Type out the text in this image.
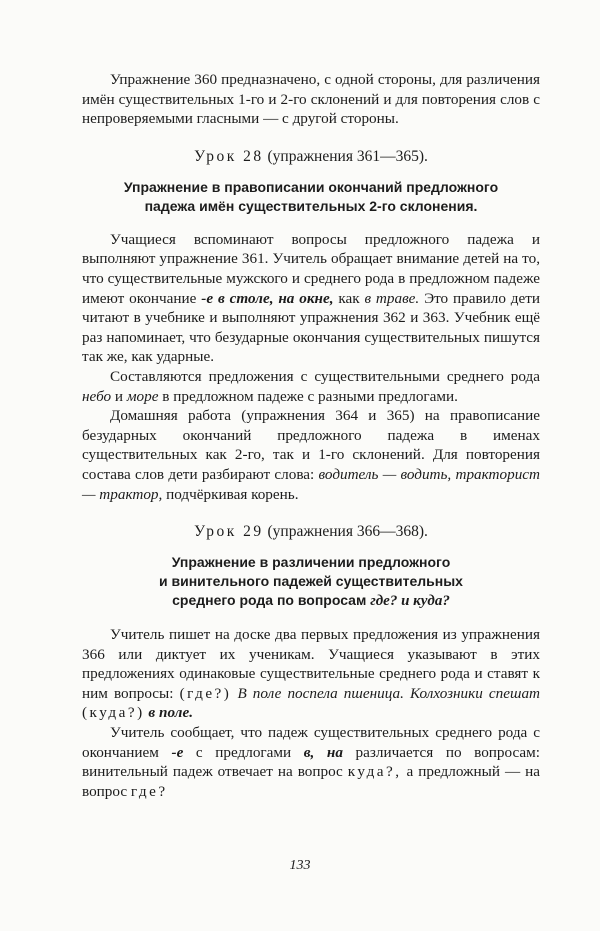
Упражнение 360 предназначено, с одной стороны, для различения имён существительных 1-го и 2-го склонений и для повторения слов с непроверяемыми гласными — с другой стороны.

Урок 28 (упражнения 361—365).
Упражнение в правописании окончаний предложного
падежа имён существительных 2-го склонения.

Учащиеся вспоминают вопросы предложного падежа и выполняют упражнение 361. Учитель обращает внимание детей на то, что существительные мужского и среднего рода в предложном падеже имеют окончание -е в столе, на окне, как в траве. Это правило дети читают в учебнике и выполняют упражнения 362 и 363. Учебник ещё раз напоминает, что безударные окончания существительных пишутся так же, как ударные.

Составляются предложения с существительными среднего рода небо и море в предложном падеже с разными предлогами.

Домашняя работа (упражнения 364 и 365) на правописание безударных окончаний предложного падежа в именах существительных как 2-го, так и 1-го склонений. Для повторения состава слов дети разбирают слова: водитель — водить, тракторист — трактор, подчёркивая корень.

Урок 29 (упражнения 366—368).
Упражнение в различении предложного
и винительного падежей существительных
среднего рода по вопросам где? и куда?

Учитель пишет на доске два первых предложения из упражнения 366 или диктует их ученикам. Учащиеся указывают в этих предложениях одинаковые существительные среднего рода и ставят к ним вопросы: (где?) В поле поспела пшеница. Колхозники спешат (куда?) в поле.

Учитель сообщает, что падеж существительных среднего рода с окончанием -е с предлогами в, на различается по вопросам: винительный падеж отвечает на вопрос куда?, а предложный — на вопрос где?

133
